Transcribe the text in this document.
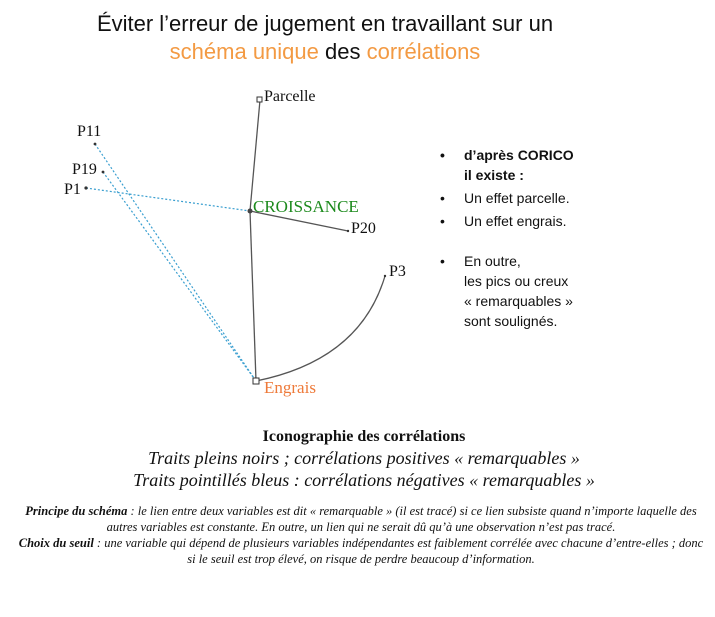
Éviter l’erreur de jugement en travaillant sur un
schéma unique des corrélations
Parcelle
CROISSANCE
Engrais
P11
P19
P1
P20
P3
• d’après CORICO
il existe :
• Un effet parcelle.
• Un effet engrais.
• En outre,
les pics ou creux
« remarquables »
sont soulignés.
Iconographie des corrélations
Traits pleins noirs ; corrélations positives « remarquables »
Traits pointillés bleus : corrélations négatives « remarquables »
Principe du schéma : le lien entre deux variables est dit « remarquable » (il est tracé) si ce lien subsiste quand n’importe laquelle des autres variables est constante. En outre, un lien qui ne serait dû qu’à une observation n’est pas tracé.
Choix du seuil : une variable qui dépend de plusieurs variables indépendantes est faiblement corrélée avec chacune d’entre-elles ; donc si le seuil est trop élevé, on risque de perdre beaucoup d’information.
